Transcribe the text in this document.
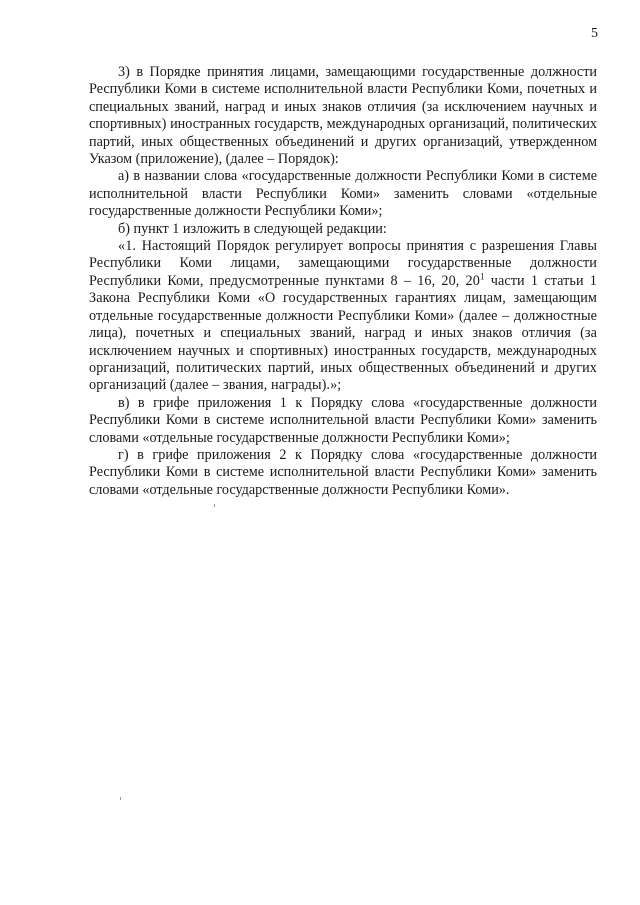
5

3) в Порядке принятия лицами, замещающими государственные должности Республики Коми в системе исполнительной власти Республики Коми, почетных и специальных званий, наград и иных знаков отличия (за исключением научных и спортивных) иностранных государств, международных организаций, политических партий, иных общественных объединений и других организаций, утвержденном Указом (приложение), (далее – Порядок):

а) в названии слова «государственные должности Республики Коми в системе исполнительной власти Республики Коми» заменить словами «отдельные государственные должности Республики Коми»;

б) пункт 1 изложить в следующей редакции:

«1. Настоящий Порядок регулирует вопросы принятия с разрешения Главы Республики Коми лицами, замещающими государственные должности Республики Коми, предусмотренные пунктами 8 – 16, 20, $20^1$ части 1 статьи 1 Закона Республики Коми «О государственных гарантиях лицам, замещающим отдельные государственные должности Республики Коми» (далее – должностные лица), почетных и специальных званий, наград и иных знаков отличия (за исключением научных и спортивных) иностранных государств, международных организаций, политических партий, иных общественных объединений и других организаций (далее – звания, награды).»;

в) в грифе приложения 1 к Порядку слова «государственные должности Республики Коми в системе исполнительной власти Республики Коми» заменить словами «отдельные государственные должности Республики Коми»;

г) в грифе приложения 2 к Порядку слова «государственные должности Республики Коми в системе исполнительной власти Республики Коми» заменить словами «отдельные государственные должности Республики Коми».
